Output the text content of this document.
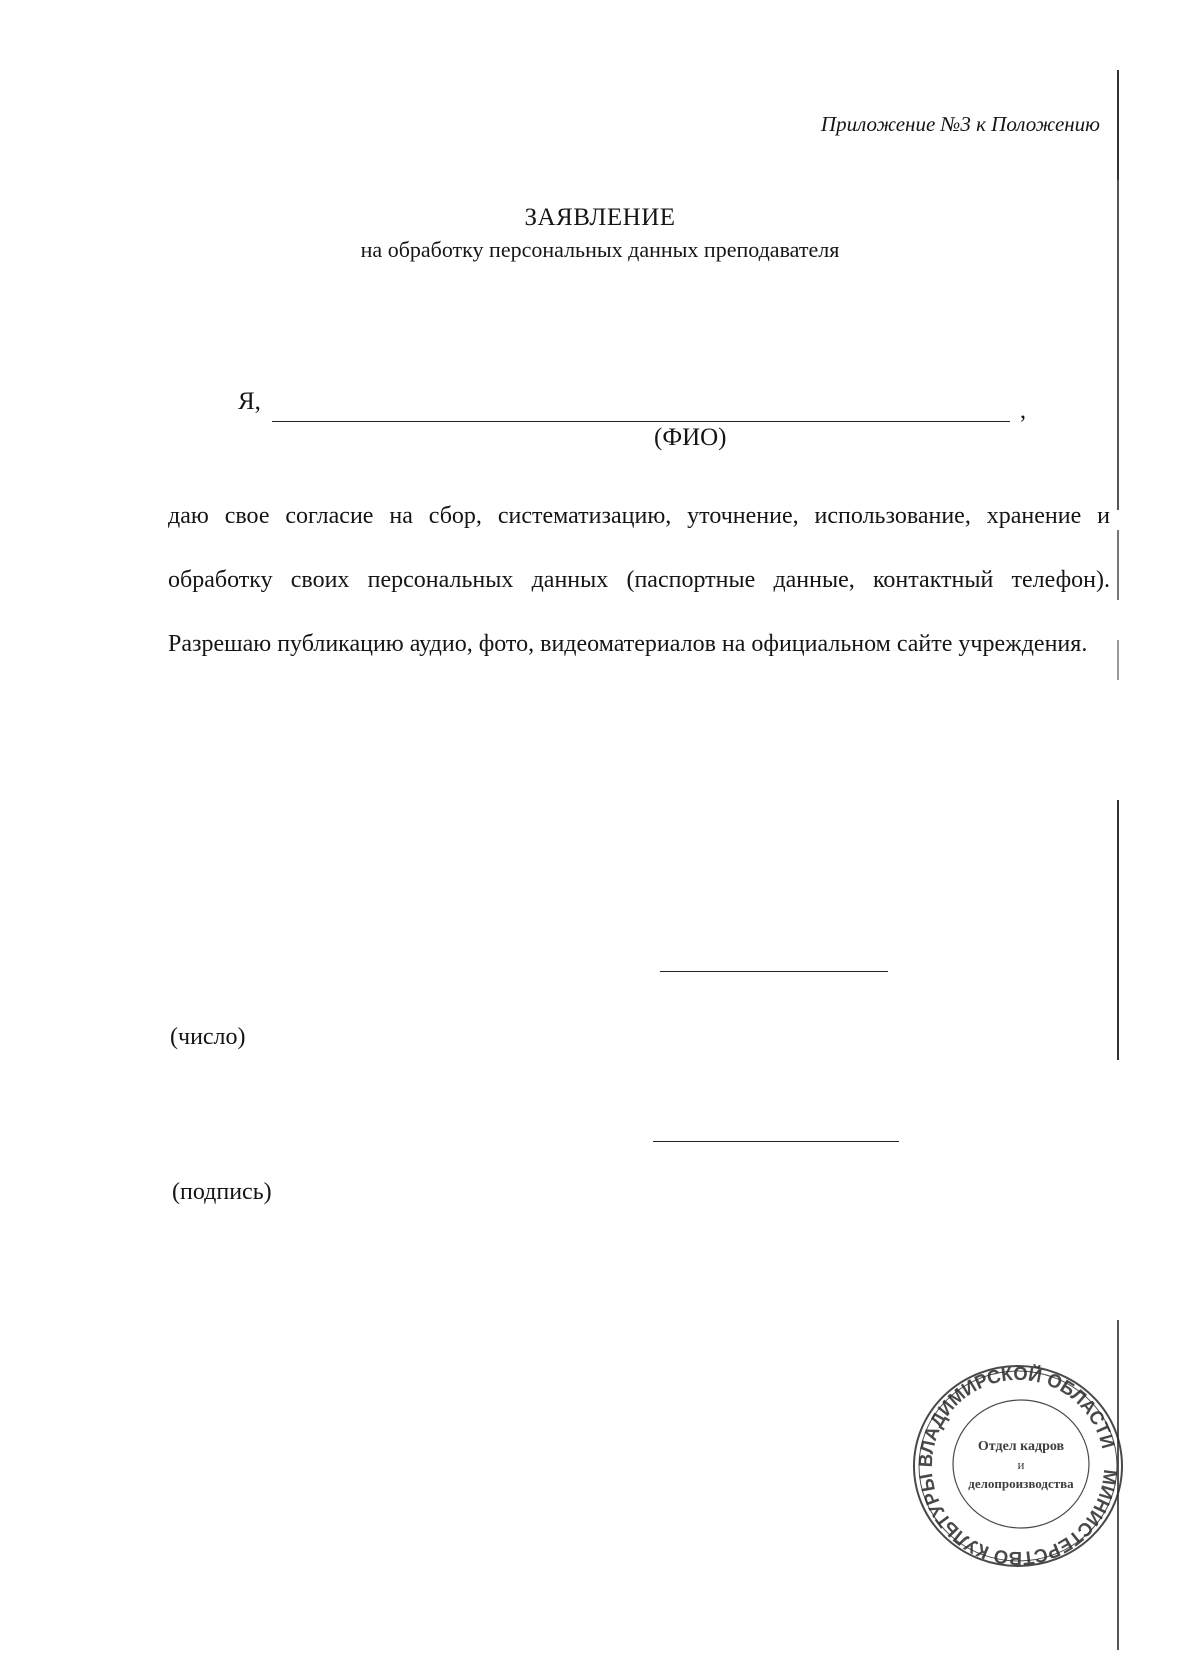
Приложение №3 к Положению
ЗАЯВЛЕНИЕ
на обработку персональных данных преподавателя
Я,	,
(ФИО)
даю свое согласие на сбор, систематизацию, уточнение, использование, хранение и обработку своих персональных данных (паспортные данные, контактный телефон). Разрешаю публикацию аудио, фото, видеоматериалов на официальном сайте учреждения.
(число)
(подпись)
МИНИСТЕРСТВО КУЛЬТУРЫ ВЛАДИМИРСКОЙ ОБЛАСТИ
Отдел кадров
и
делопроизводства
